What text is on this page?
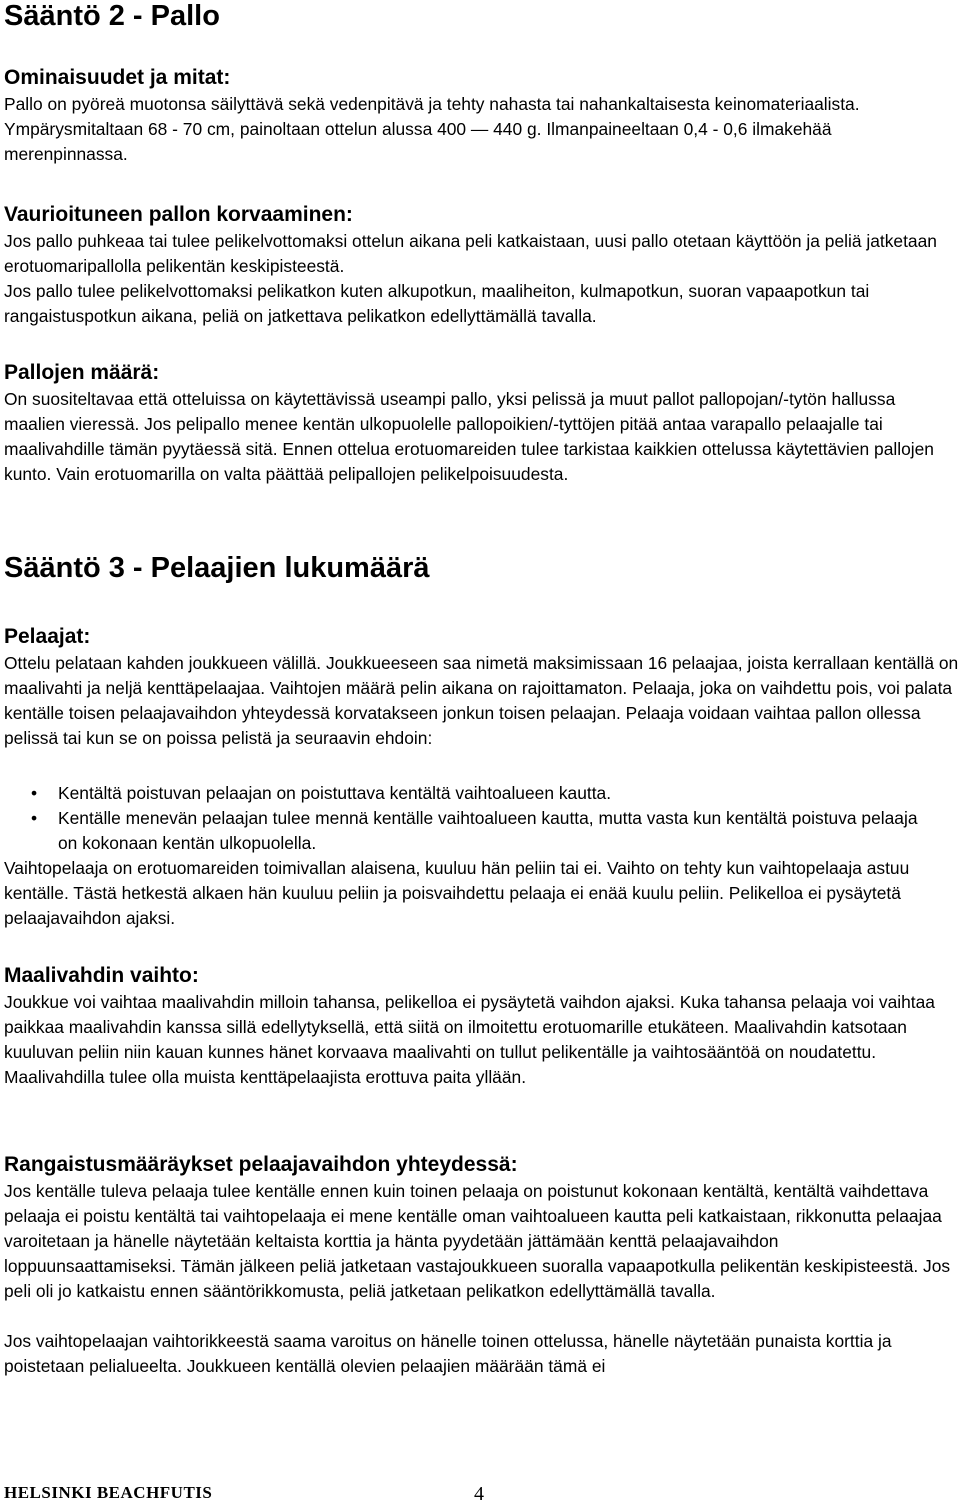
Sääntö 2 - Pallo
Ominaisuudet ja mitat:

Pallo on pyöreä muotonsa säilyttävä sekä vedenpitävä ja tehty nahasta tai nahankaltaisesta keinomateriaalista. Ympärysmitaltaan 68 - 70 cm, painoltaan ottelun alussa 400 — 440 g. Ilmanpaineeltaan 0,4 - 0,6 ilmakehää merenpinnassa.

Vaurioituneen pallon korvaaminen:

Jos pallo puhkeaa tai tulee pelikelvottomaksi ottelun aikana peli katkaistaan, uusi pallo otetaan käyttöön ja peliä jatketaan erotuomaripallolla pelikentän keskipisteestä.

Jos pallo tulee pelikelvottomaksi pelikatkon kuten alkupotkun, maaliheiton, kulmapotkun, suoran vapaapotkun tai rangaistuspotkun aikana, peliä on jatkettava pelikatkon edellyttämällä tavalla.

Pallojen määrä:

On suositeltavaa että otteluissa on käytettävissä useampi pallo, yksi pelissä ja muut pallot pallopojan/-tytön hallussa maalien vieressä. Jos pelipallo menee kentän ulkopuolelle pallopoikien/-tyttöjen pitää antaa varapallo pelaajalle tai maalivahdille tämän pyytäessä sitä. Ennen ottelua erotuomareiden tulee tarkistaa kaikkien ottelussa käytettävien pallojen kunto. Vain erotuomarilla on valta päättää pelipallojen pelikelpoisuudesta.

Sääntö 3 - Pelaajien lukumäärä
Pelaajat:

Ottelu pelataan kahden joukkueen välillä. Joukkueeseen saa nimetä maksimissaan 16 pelaajaa, joista kerrallaan kentällä on maalivahti ja neljä kenttäpelaajaa. Vaihtojen määrä pelin aikana on rajoittamaton. Pelaaja, joka on vaihdettu pois, voi palata kentälle toisen pelaajavaihdon yhteydessä korvatakseen jonkun toisen pelaajan. Pelaaja voidaan vaihtaa pallon ollessa pelissä tai kun se on poissa pelistä ja seuraavin ehdoin:

• Kentältä poistuvan pelaajan on poistuttava kentältä vaihtoalueen kautta.
• Kentälle menevän pelaajan tulee mennä kentälle vaihtoalueen kautta, mutta vasta kun kentältä poistuva pelaaja on kokonaan kentän ulkopuolella.

Vaihtopelaaja on erotuomareiden toimivallan alaisena, kuuluu hän peliin tai ei. Vaihto on tehty kun vaihtopelaaja astuu kentälle. Tästä hetkestä alkaen hän kuuluu peliin ja poisvaihdettu pelaaja ei enää kuulu peliin. Pelikelloa ei pysäytetä pelaajavaihdon ajaksi.

Maalivahdin vaihto:

Joukkue voi vaihtaa maalivahdin milloin tahansa, pelikelloa ei pysäytetä vaihdon ajaksi. Kuka tahansa pelaaja voi vaihtaa paikkaa maalivahdin kanssa sillä edellytyksellä, että siitä on ilmoitettu erotuomarille etukäteen. Maalivahdin katsotaan kuuluvan peliin niin kauan kunnes hänet korvaava maalivahti on tullut pelikentälle ja vaihtosääntöä on noudatettu. Maalivahdilla tulee olla muista kenttäpelaajista erottuva paita yllään.

Rangaistusmääräykset pelaajavaihdon yhteydessä:

Jos kentälle tuleva pelaaja tulee kentälle ennen kuin toinen pelaaja on poistunut kokonaan kentältä, kentältä vaihdettava pelaaja ei poistu kentältä tai vaihtopelaaja ei mene kentälle oman vaihtoalueen kautta peli katkaistaan, rikkonutta pelaajaa varoitetaan ja hänelle näytetään keltaista korttia ja hänta pyydetään jättämään kenttä pelaajavaihdon loppuunsaattamiseksi. Tämän jälkeen peliä jatketaan vastajoukkueen suoralla vapaapotkulla pelikentän keskipisteestä. Jos peli oli jo katkaistu ennen sääntörikkomusta, peliä jatketaan pelikatkon edellyttämällä tavalla.

Jos vaihtopelaajan vaihtorikkeestä saama varoitus on hänelle toinen ottelussa, hänelle näytetään punaista korttia ja poistetaan pelialueelta. Joukkueen kentällä olevien pelaajien määrään tämä ei

HELSINKI BEACHFUTIS	4
